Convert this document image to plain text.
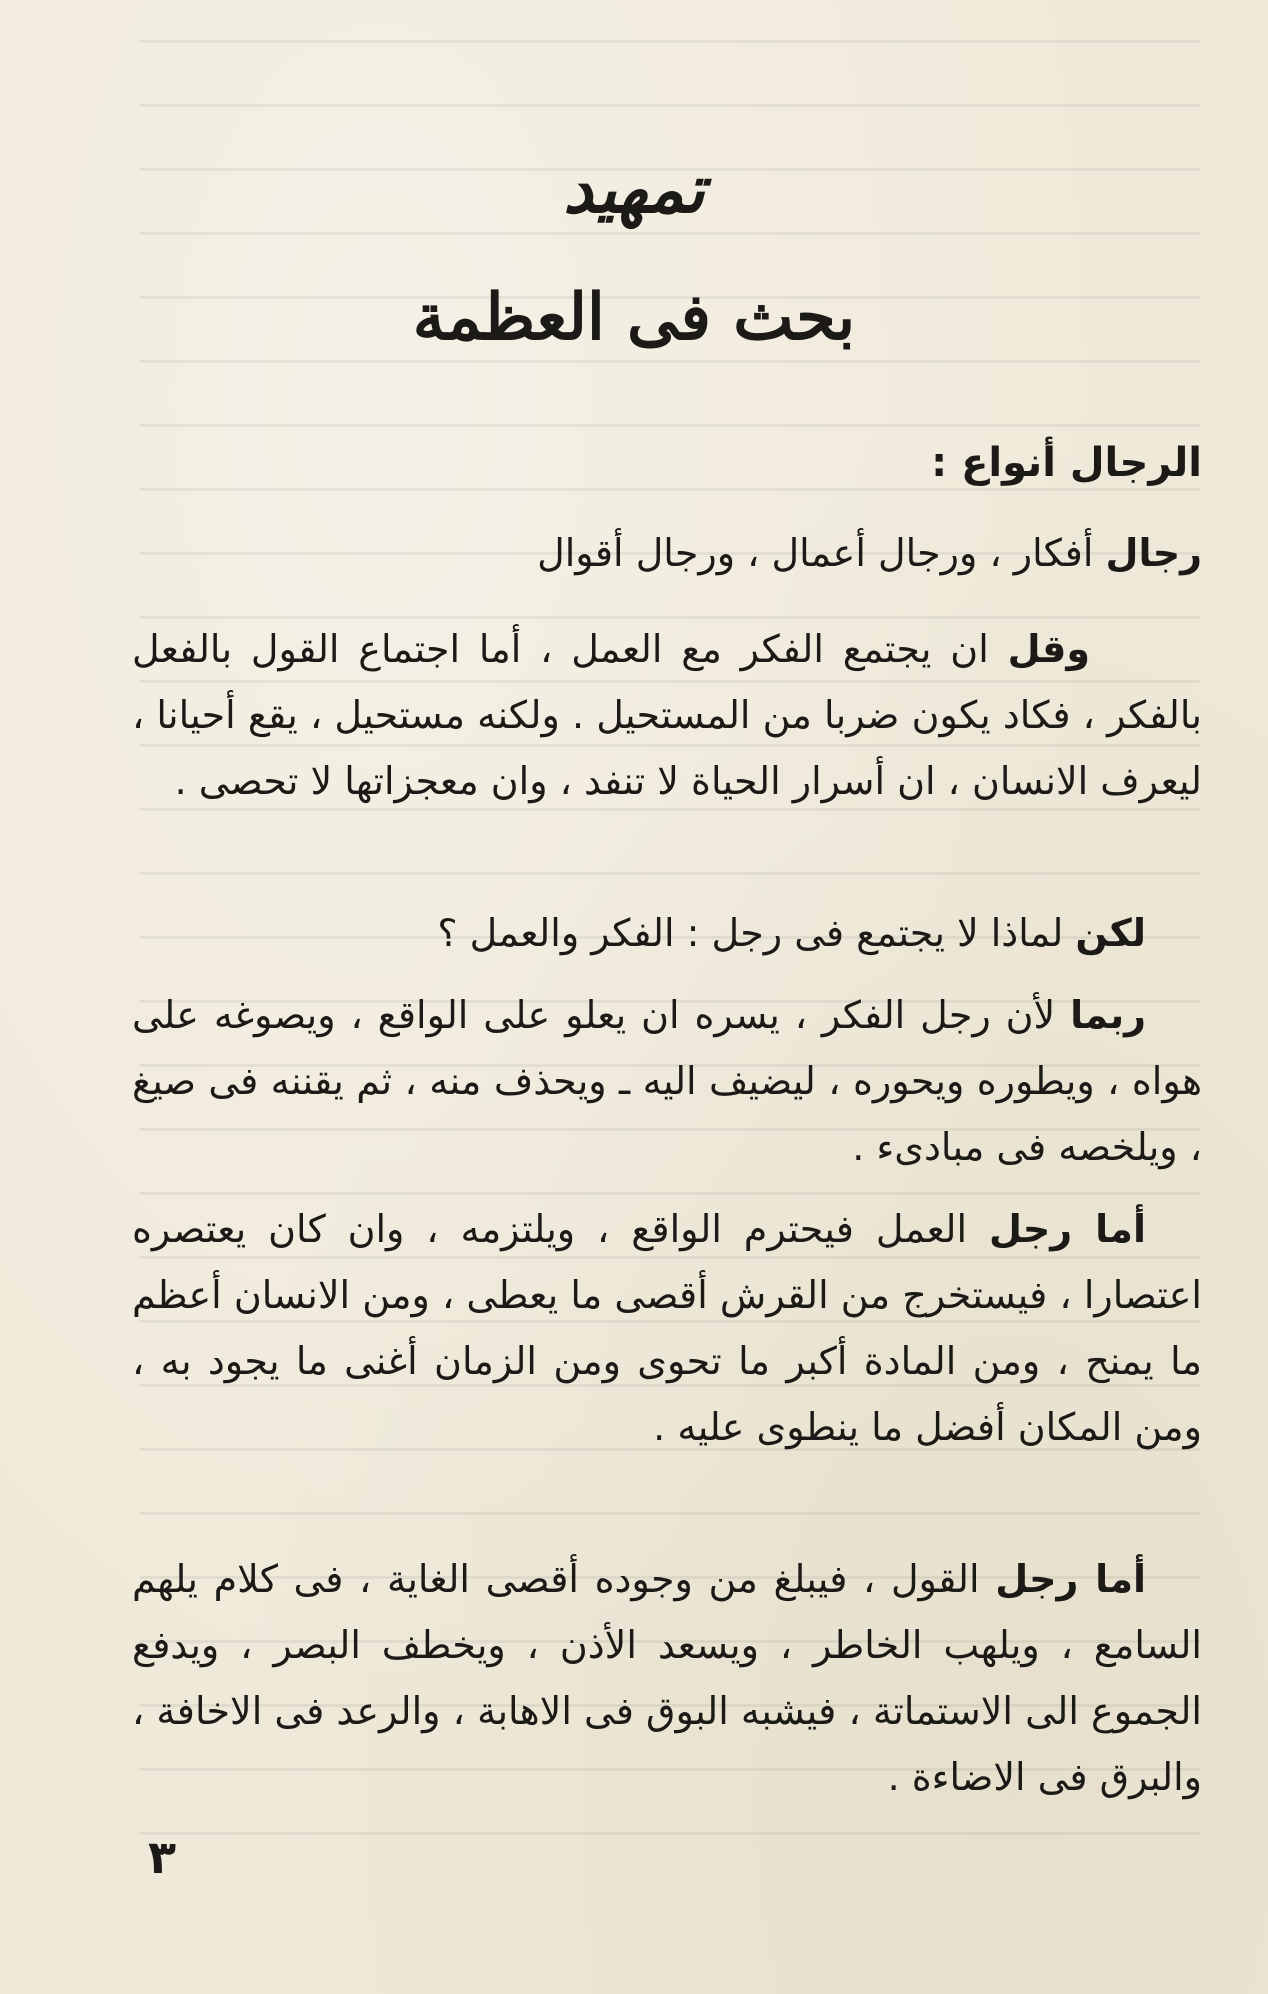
تمهيد
بحث فى العظمة
الرجال أنواع :
رجال أفكار ، ورجال أعمال ، ورجال أقوال
وقل ان يجتمع الفكر مع العمل ، أما اجتماع القول بالفعل بالفكر ، فكاد يكون ضربا من المستحيل . ولكنه مستحيل ، يقع أحيانا ، ليعرف الانسان ، ان أسرار الحياة لا تنفد ، وان معجزاتها لا تحصى .
لكن لماذا لا يجتمع فى رجل : الفكر والعمل ؟
ربما لأن رجل الفكر ، يسره ان يعلو على الواقع ، ويصوغه على هواه ، ويطوره ويحوره ، ليضيف اليه ـ ويحذف منه ، ثم يقننه فى صيغ ، ويلخصه فى مبادىء .
أما رجل العمل فيحترم الواقع ، ويلتزمه ، وان كان يعتصره اعتصارا ، فيستخرج من القرش أقصى ما يعطى ، ومن الانسان أعظم ما يمنح ، ومن المادة أكبر ما تحوى ومن الزمان أغنى ما يجود به ، ومن المكان أفضل ما ينطوى عليه .
أما رجل القول ، فيبلغ من وجوده أقصى الغاية ، فى كلام يلهم السامع ، ويلهب الخاطر ، ويسعد الأذن ، ويخطف البصر ، ويدفع الجموع الى الاستماتة ، فيشبه البوق فى الاهابة ، والرعد فى الاخافة ، والبرق فى الاضاءة .
٣
